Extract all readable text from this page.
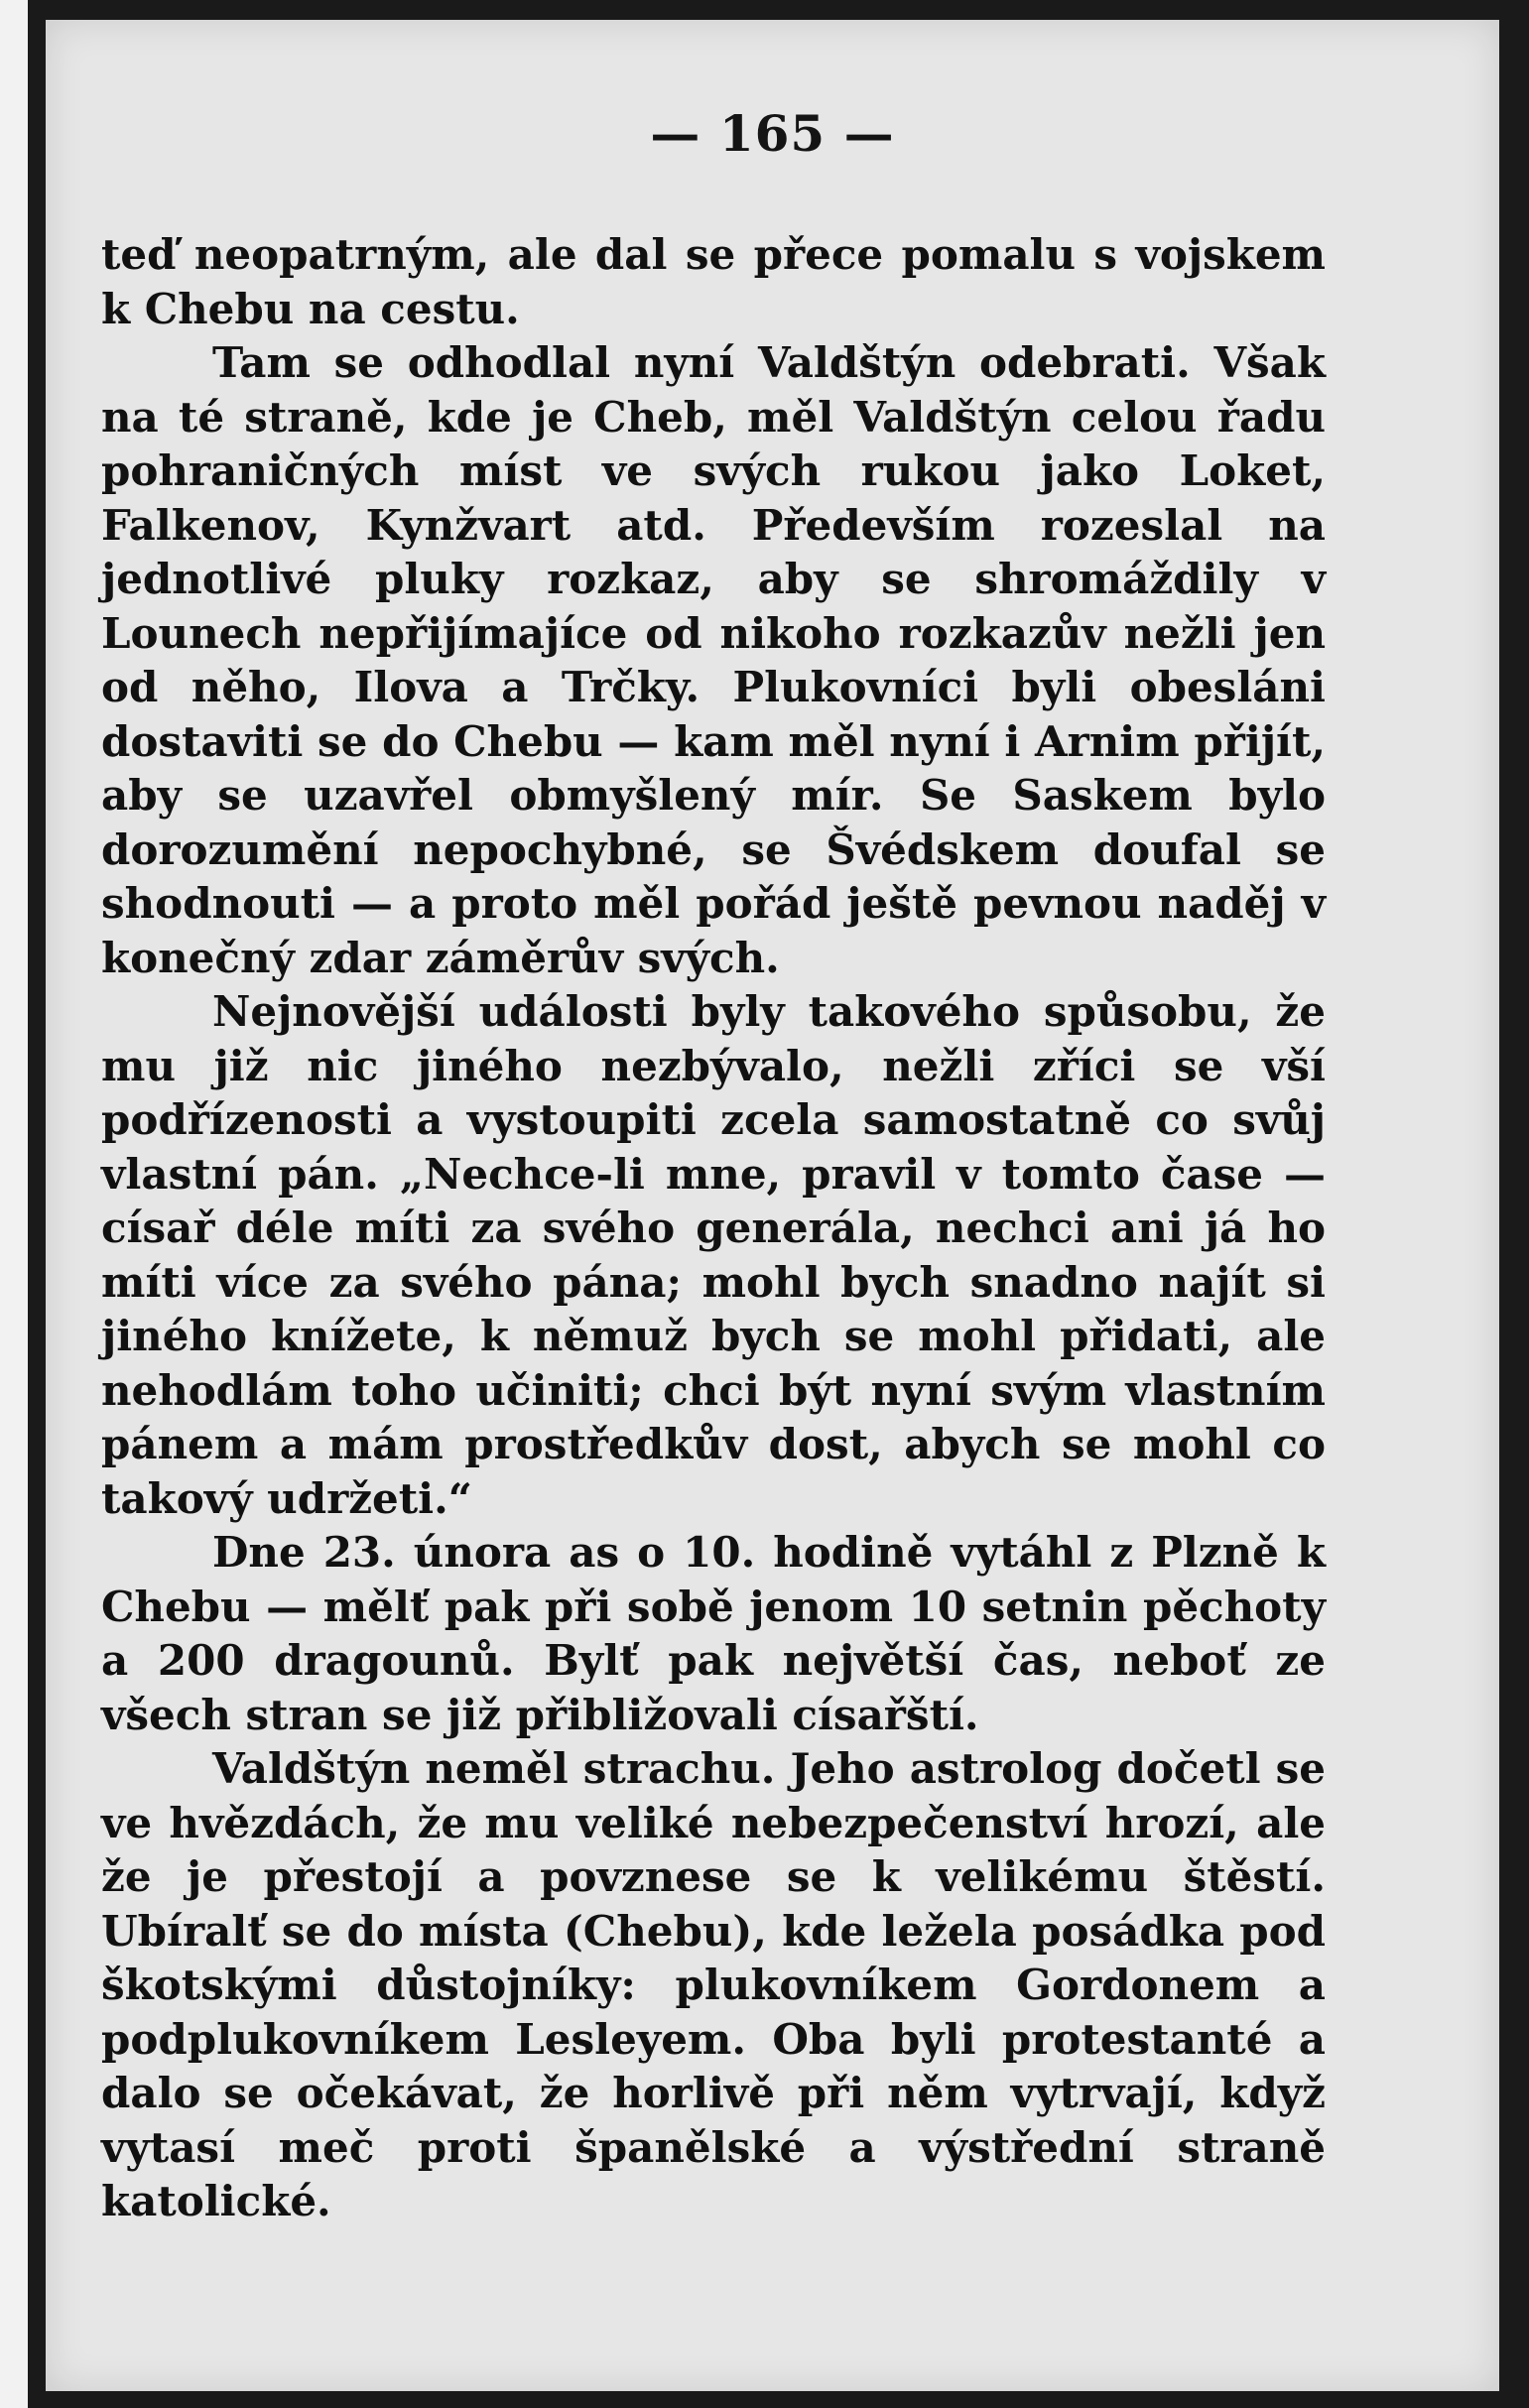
— 165 —

teď neopatrným, ale dal se přece pomalu s vojskem k Chebu na cestu.

Tam se odhodlal nyní Valdštýn odebrati. Však na té straně, kde je Cheb, měl Valdštýn celou řadu pohraničných míst ve svých rukou jako Loket, Falkenov, Kynžvart atd. Především rozeslal na jednotlivé pluky rozkaz, aby se shromáždily v Lounech nepřijímajíce od nikoho rozkazův nežli jen od něho, Ilova a Trčky. Plukovníci byli obesláni dostaviti se do Chebu — kam měl nyní i Arnim přijít, aby se uzavřel obmyšlený mír. Se Saskem bylo dorozumění nepochybné, se Švédskem doufal se shodnouti — a proto měl pořád ještě pevnou naděj v konečný zdar záměrův svých.

Nejnovější události byly takového spůsobu, že mu již nic jiného nezbývalo, nežli zříci se vší podřízenosti a vystoupiti zcela samostatně co svůj vlastní pán. „Nechce-li mne, pravil v tomto čase — císař déle míti za svého generála, nechci ani já ho míti více za svého pána; mohl bych snadno najít si jiného knížete, k němuž bych se mohl přidati, ale nehodlám toho učiniti; chci být nyní svým vlastním pánem a mám prostředkův dost, abych se mohl co takový udržeti.“

Dne 23. února as o 10. hodině vytáhl z Plzně k Chebu — mělť pak při sobě jenom 10 setnin pěchoty a 200 dragounů. Bylť pak největší čas, neboť ze všech stran se již přibližovali císařští.

Valdštýn neměl strachu. Jeho astrolog dočetl se ve hvězdách, že mu veliké nebezpečenství hrozí, ale že je přestojí a povznese se k velikému štěstí. Ubíralť se do místa (Chebu), kde ležela posádka pod škotskými důstojníky: plukovníkem Gordonem a podplukovníkem Lesleyem. Oba byli protestanté a dalo se očekávat, že horlivě při něm vytrvají, když vytasí meč proti španělské a výstřední straně katolické.
